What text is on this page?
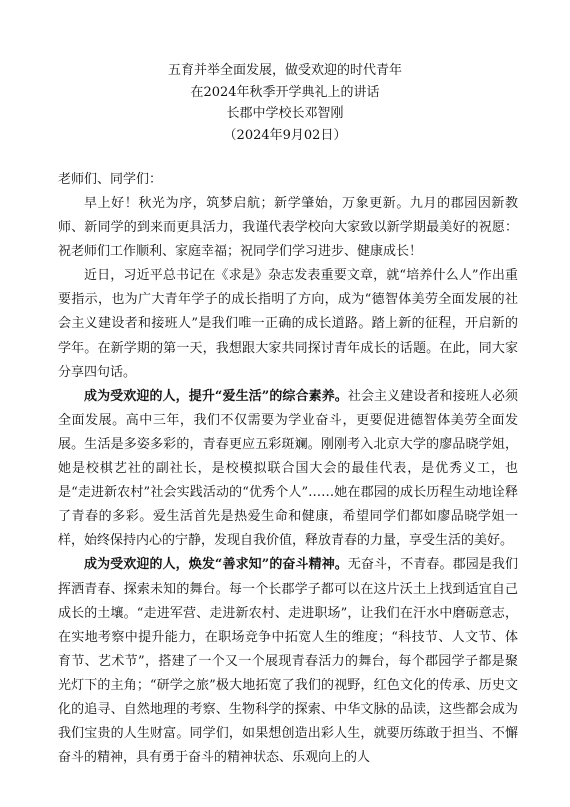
五育并举全面发展，做受欢迎的时代青年
在2024年秋季开学典礼上的讲话
长郡中学校长邓智刚
（2024年9月02日）
老师们、同学们：

早上好！秋光为序，筑梦启航；新学肇始，万象更新。九月的郡园因新教师、新同学的到来而更具活力，我谨代表学校向大家致以新学期最美好的祝愿：祝老师们工作顺利、家庭幸福；祝同学们学习进步、健康成长！

近日，习近平总书记在《求是》杂志发表重要文章，就“培养什么人”作出重要指示，也为广大青年学子的成长指明了方向，成为“德智体美劳全面发展的社会主义建设者和接班人”是我们唯一正确的成长道路。踏上新的征程，开启新的学年。在新学期的第一天，我想跟大家共同探讨青年成长的话题。在此，同大家分享四句话。

成为受欢迎的人，提升“爱生活”的综合素养。社会主义建设者和接班人必须全面发展。高中三年，我们不仅需要为学业奋斗，更要促进德智体美劳全面发展。生活是多姿多彩的，青春更应五彩斑斓。刚刚考入北京大学的廖品晓学姐，她是校棋艺社的副社长，是校模拟联合国大会的最佳代表，是优秀义工，也是“走进新农村”社会实践活动的“优秀个人”……她在郡园的成长历程生动地诠释了青春的多彩。爱生活首先是热爱生命和健康，希望同学们都如廖品晓学姐一样，始终保持内心的宁静，发现自我价值，释放青春的力量，享受生活的美好。

成为受欢迎的人，焕发“善求知”的奋斗精神。无奋斗，不青春。郡园是我们挥洒青春、探索未知的舞台。每一个长郡学子都可以在这片沃土上找到适宜自己成长的土壤。“走进军营、走进新农村、走进职场”，让我们在汗水中磨砺意志，在实地考察中提升能力，在职场竞争中拓宽人生的维度；“科技节、人文节、体育节、艺术节”，搭建了一个又一个展现青春活力的舞台，每个郡园学子都是聚光灯下的主角；“研学之旅”极大地拓宽了我们的视野，红色文化的传承、历史文化的追寻、自然地理的考察、生物科学的探索、中华文脉的品读，这些都会成为我们宝贵的人生财富。同学们，如果想创造出彩人生，就要历练敢于担当、不懈奋斗的精神，具有勇于奋斗的精神状态、乐观向上的人
